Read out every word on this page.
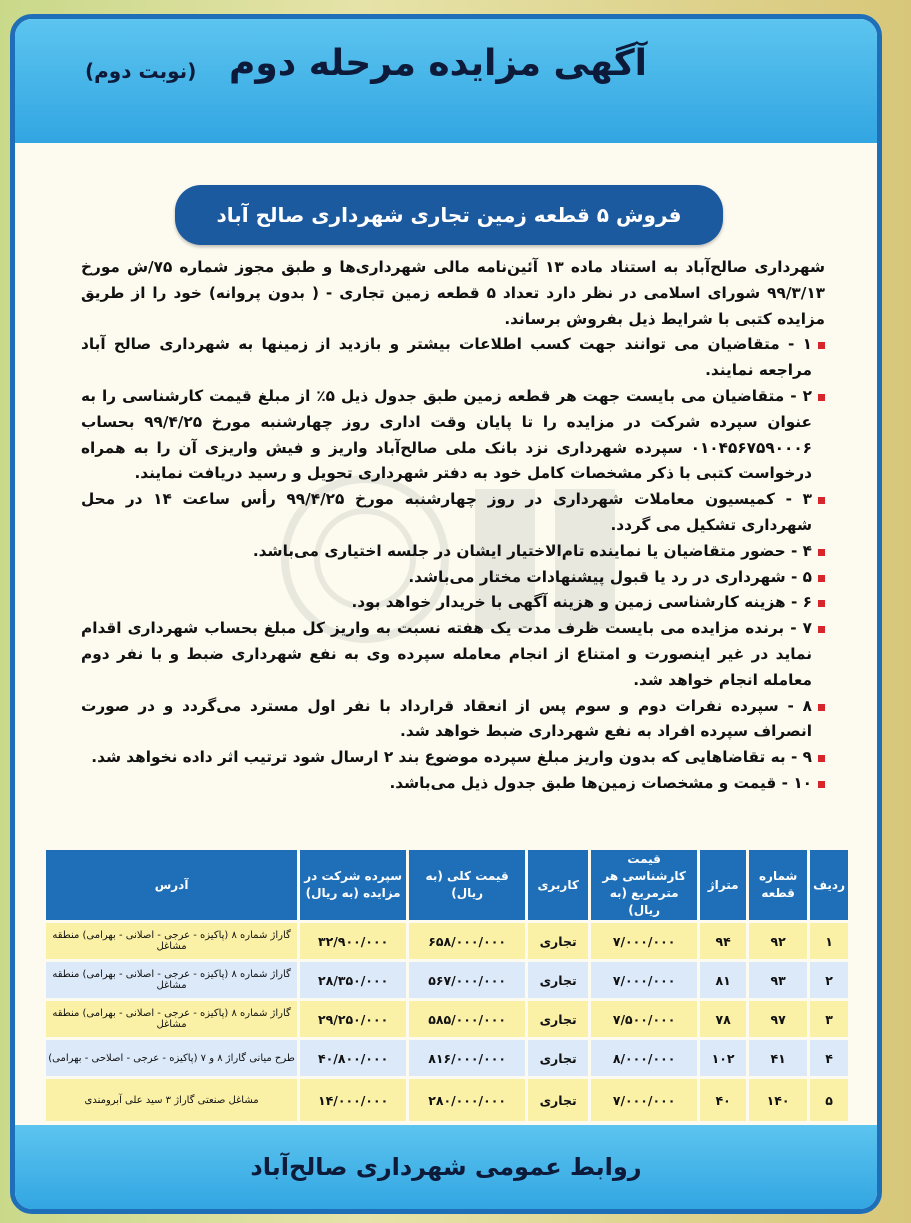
آگهی مزایده مرحله دوم
(نوبت دوم)
فروش ۵ قطعه زمین تجاری شهرداری صالح آباد

شهرداری صالح‌آباد به استناد ماده ۱۳ آئین‌نامه مالی شهرداری‌ها و طبق مجوز شماره ۷۵/ش مورخ ۹۹/۳/۱۳ شورای اسلامی در نظر دارد تعداد ۵ قطعه زمین تجاری - ( بدون پروانه) خود را از طریق مزایده کتبی با شرایط ذیل بفروش برساند.

۱ - متقاضیان می توانند جهت کسب اطلاعات بیشتر و بازدید از زمینها به شهرداری صالح آباد مراجعه نمایند.
۲ - متقاضیان می بایست جهت هر قطعه زمین طبق جدول ذیل ۵٪ از مبلغ قیمت کارشناسی را به عنوان سپرده شرکت در مزایده را تا پایان وقت اداری روز چهارشنبه مورخ ۹۹/۴/۲۵ بحساب ۰۱۰۴۵۶۷۵۹۰۰۰۶ سپرده شهرداری نزد بانک ملی صالح‌آباد واریز و فیش واریزی آن را به همراه درخواست کتبی با ذکر مشخصات کامل خود به دفتر شهرداری تحویل و رسید دریافت نمایند.
۳ - کمیسیون معاملات شهرداری در روز چهارشنبه مورخ ۹۹/۴/۲۵ رأس ساعت ۱۴ در محل شهرداری تشکیل می گردد.
۴ - حضور متقاضیان یا نماینده تام‌الاختیار ایشان در جلسه اختیاری می‌باشد.
۵ - شهرداری در رد یا قبول پیشنهادات مختار می‌باشد.
۶ - هزینه کارشناسی زمین و هزینه آگهی با خریدار خواهد بود.
۷ - برنده مزایده می بایست ظرف مدت یک هفته نسبت به واریز کل مبلغ بحساب شهرداری اقدام نماید در غیر اینصورت و امتناع از انجام معامله سپرده وی به نفع شهرداری ضبط و با نفر دوم معامله انجام خواهد شد.
۸ - سپرده نفرات دوم و سوم پس از انعقاد قرارداد با نفر اول مسترد می‌گردد و در صورت انصراف سپرده افراد به نفع شهرداری ضبط خواهد شد.
۹ - به تقاضاهایی که بدون واریز مبلغ سپرده موضوع بند ۲ ارسال شود ترتیب اثر داده نخواهد شد.
۱۰ - قیمت و مشخصات زمین‌ها طبق جدول ذیل می‌باشد.
ردیف	شماره قطعه	متراژ	قیمت کارشناسی هر مترمربع (به ریال)	کاربری	قیمت کلی (به ریال)	سپرده شرکت در مزایده (به ریال)	آدرس
۱	۹۲	۹۴	۷/۰۰۰/۰۰۰	تجاری	۶۵۸/۰۰۰/۰۰۰	۳۲/۹۰۰/۰۰۰	گاراژ شماره ۸ (پاکیزه - عرجی - اصلانی - بهرامی) منطقه مشاغل
۲	۹۳	۸۱	۷/۰۰۰/۰۰۰	تجاری	۵۶۷/۰۰۰/۰۰۰	۲۸/۳۵۰/۰۰۰	گاراژ شماره ۸ (پاکیزه - عرجی - اصلانی - بهرامی) منطقه مشاغل
۳	۹۷	۷۸	۷/۵۰۰/۰۰۰	تجاری	۵۸۵/۰۰۰/۰۰۰	۲۹/۲۵۰/۰۰۰	گاراژ شماره ۸ (پاکیزه - عرجی - اصلانی - بهرامی) منطقه مشاغل
۴	۴۱	۱۰۲	۸/۰۰۰/۰۰۰	تجاری	۸۱۶/۰۰۰/۰۰۰	۴۰/۸۰۰/۰۰۰	طرح میانی گاراژ ۸ و ۷ (پاکیزه - عرجی - اصلاحی - بهرامی)
۵	۱۴۰	۴۰	۷/۰۰۰/۰۰۰	تجاری	۲۸۰/۰۰۰/۰۰۰	۱۴/۰۰۰/۰۰۰	مشاغل صنعتی گاراژ ۳ سید علی آبرومندی
روابط عمومی شهرداری صالح‌آباد
